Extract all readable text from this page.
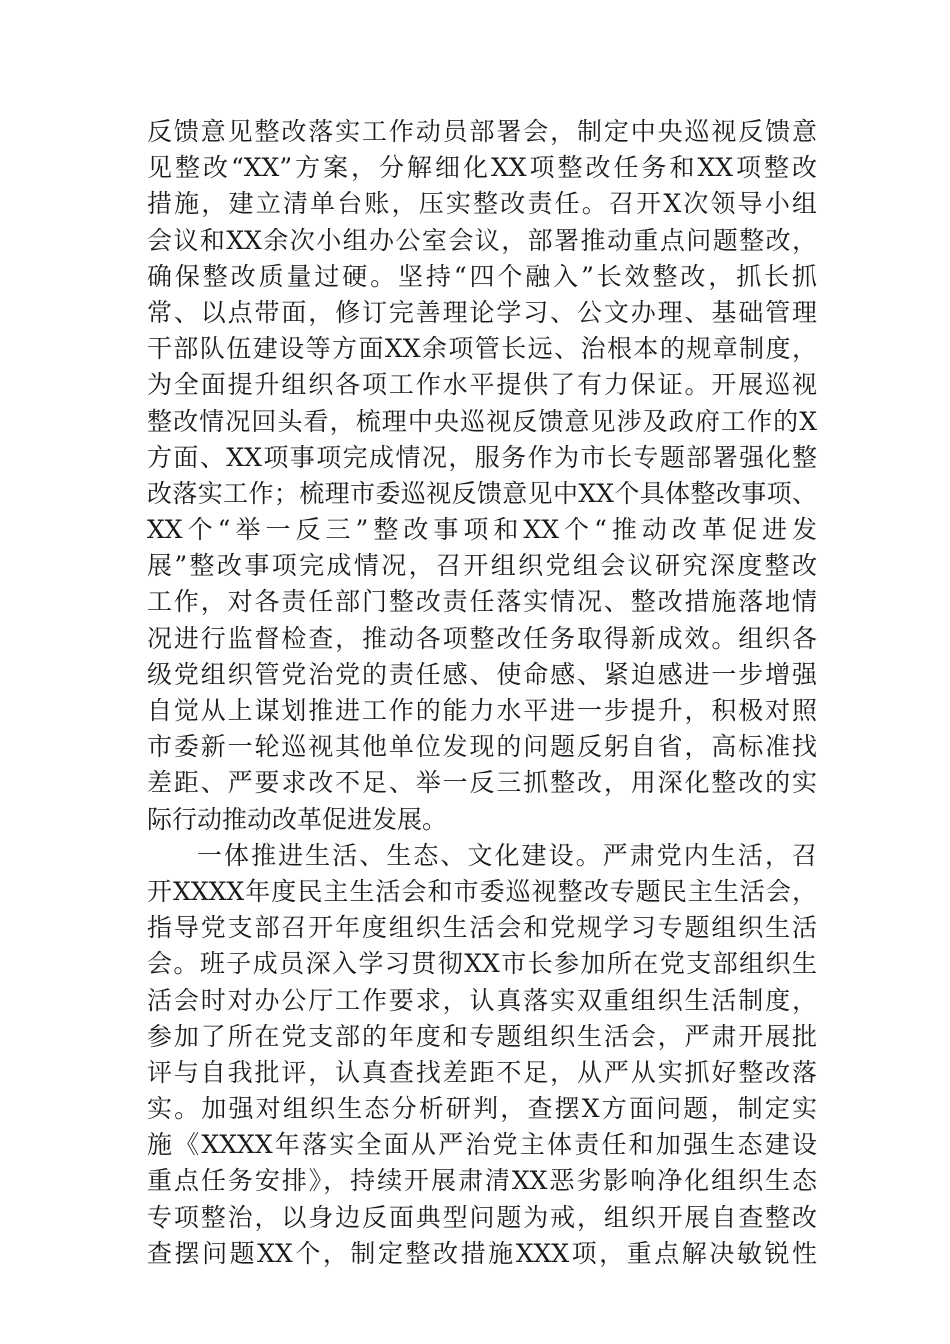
反馈意见整改落实工作动员部署会，制定中央巡视反馈意
见整改“XX”方案，分解细化XX项整改任务和XX项整改
措施，建立清单台账，压实整改责任。召开X次领导小组
会议和XX余次小组办公室会议，部署推动重点问题整改，
确保整改质量过硬。坚持“四个融入”长效整改，抓长抓
常、以点带面，修订完善理论学习、公文办理、基础管理
干部队伍建设等方面XX余项管长远、治根本的规章制度，
为全面提升组织各项工作水平提供了有力保证。开展巡视
整改情况回头看，梳理中央巡视反馈意见涉及政府工作的X
方面、XX项事项完成情况，服务作为市长专题部署强化整
改落实工作；梳理市委巡视反馈意见中XX个具体整改事项、
XX个“举一反三”整改事项和XX个“推动改革促进发
展”整改事项完成情况，召开组织党组会议研究深度整改
工作，对各责任部门整改责任落实情况、整改措施落地情
况进行监督检查，推动各项整改任务取得新成效。组织各
级党组织管党治党的责任感、使命感、紧迫感进一步增强
自觉从上谋划推进工作的能力水平进一步提升，积极对照
市委新一轮巡视其他单位发现的问题反躬自省，高标准找
差距、严要求改不足、举一反三抓整改，用深化整改的实
际行动推动改革促进发展。
一体推进生活、生态、文化建设。严肃党内生活，召
开XXXX年度民主生活会和市委巡视整改专题民主生活会，
指导党支部召开年度组织生活会和党规学习专题组织生活
会。班子成员深入学习贯彻XX市长参加所在党支部组织生
活会时对办公厅工作要求，认真落实双重组织生活制度，
参加了所在党支部的年度和专题组织生活会，严肃开展批
评与自我批评，认真查找差距不足，从严从实抓好整改落
实。加强对组织生态分析研判，查摆X方面问题，制定实
施《XXXX年落实全面从严治党主体责任和加强生态建设
重点任务安排》，持续开展肃清XX恶劣影响净化组织生态
专项整治，以身边反面典型问题为戒，组织开展自查整改
查摆问题XX个，制定整改措施XXX项，重点解决敏锐性
